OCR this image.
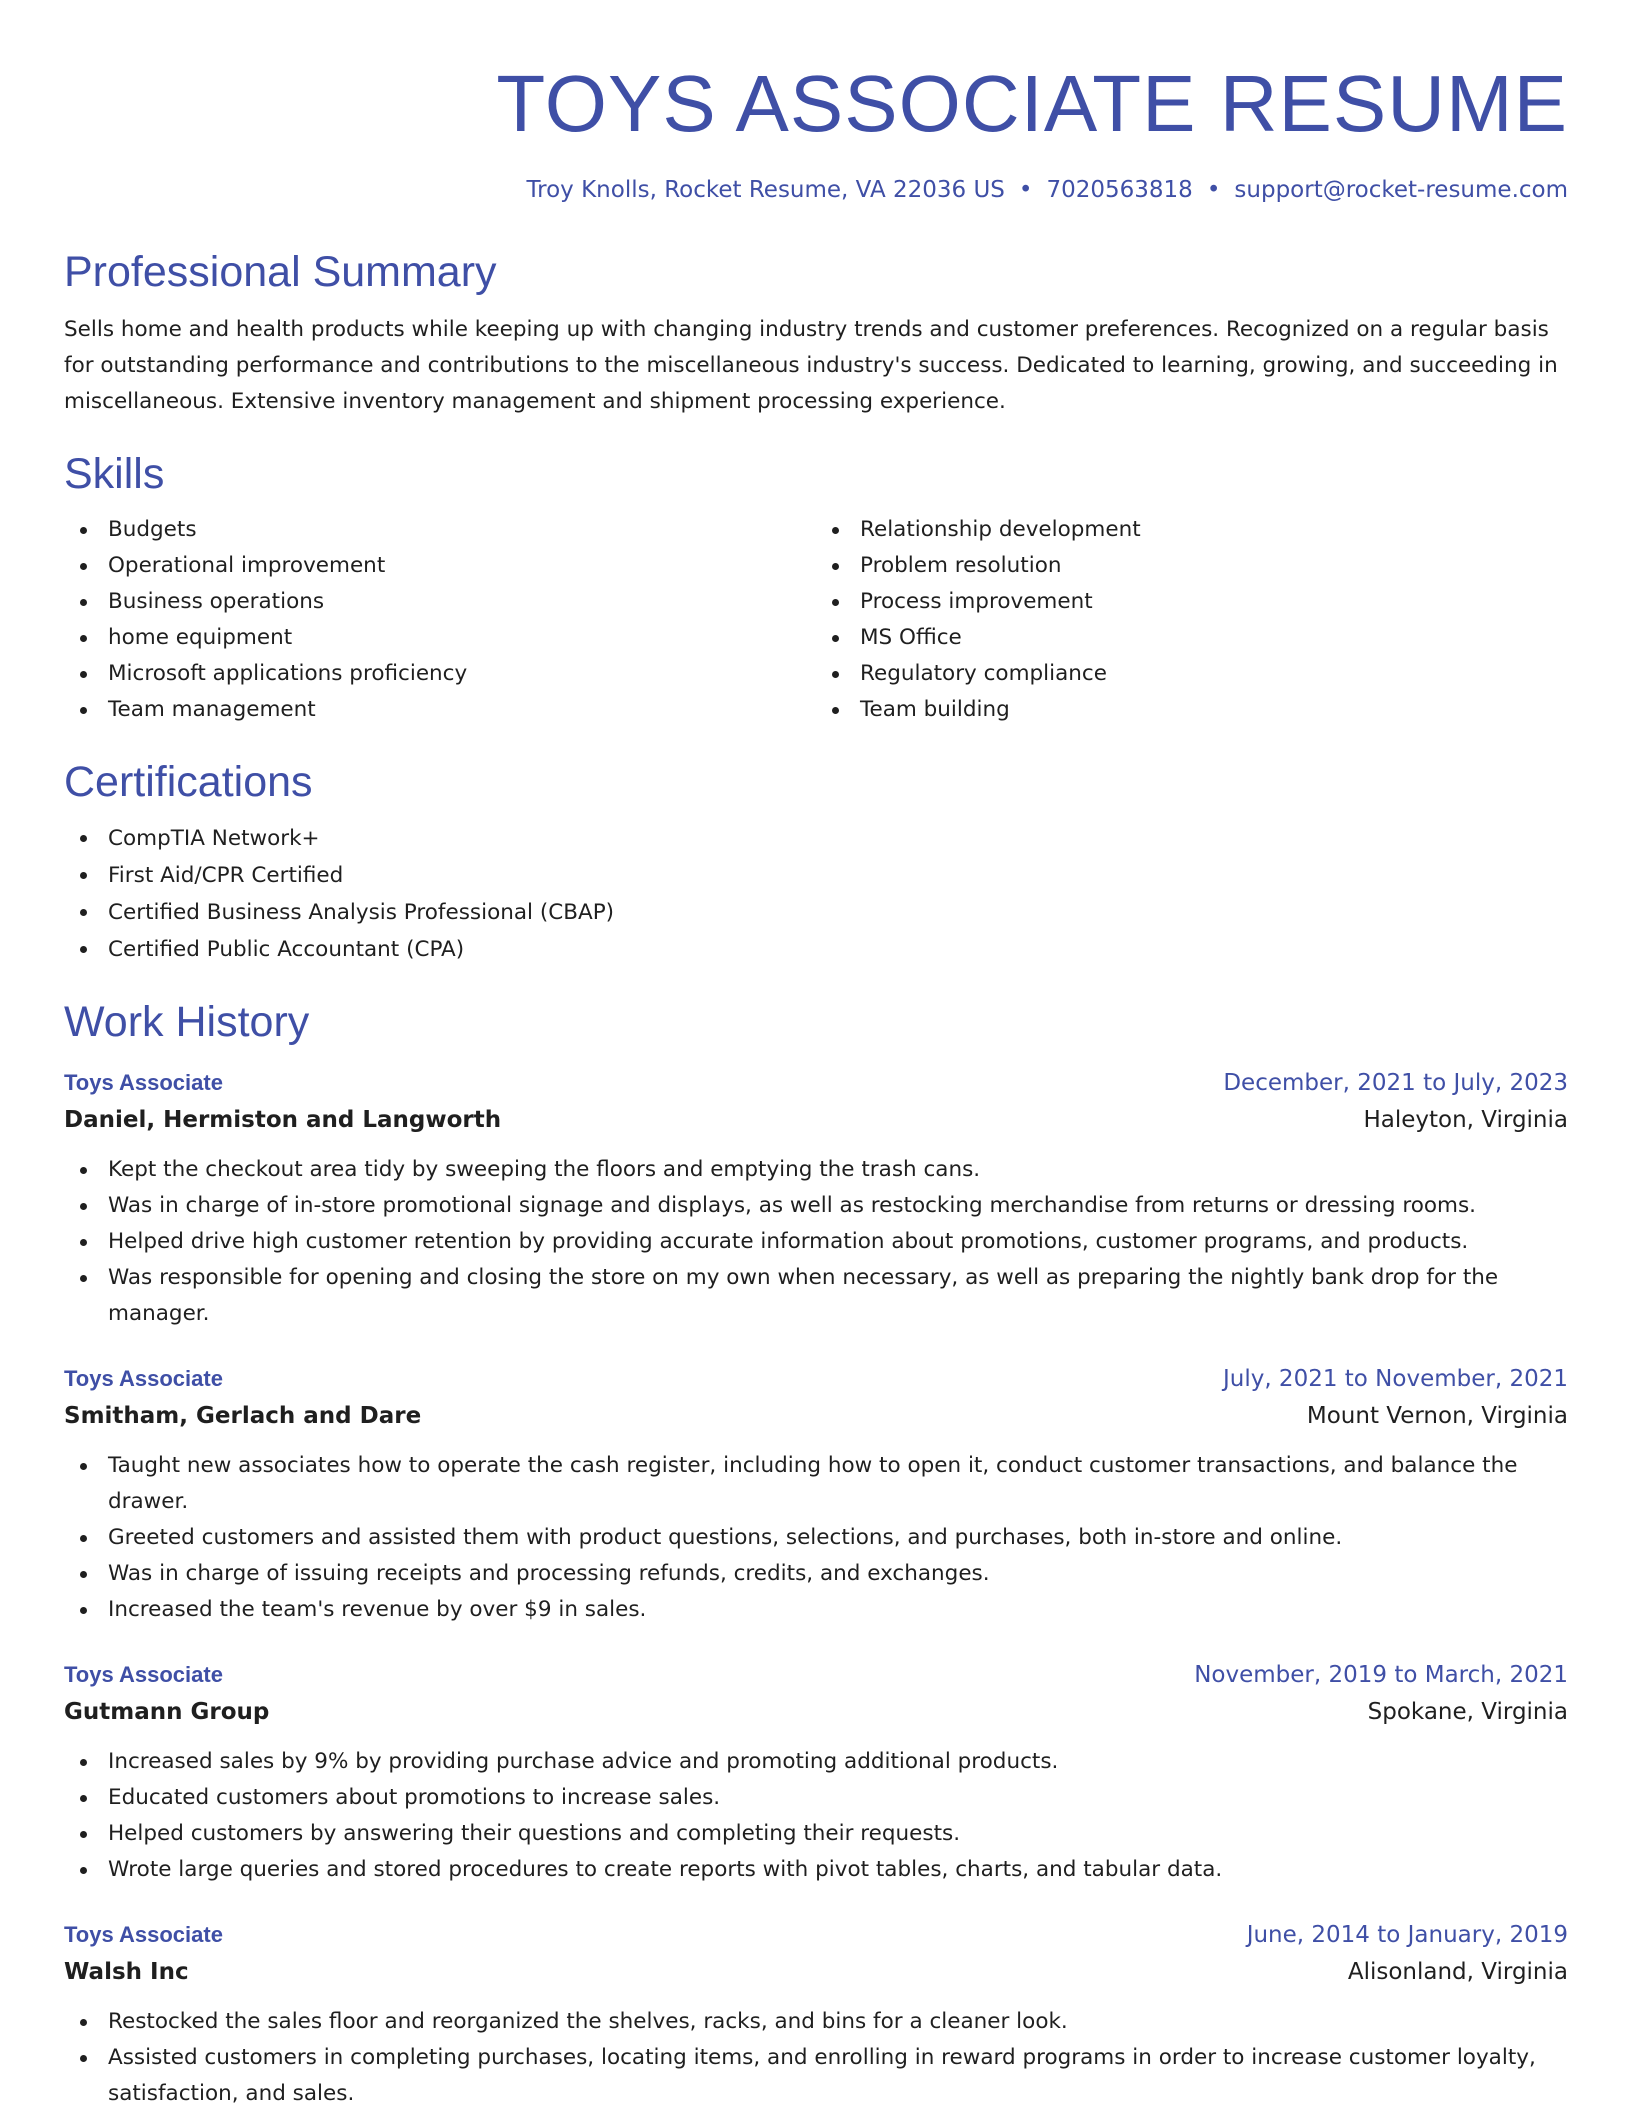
TOYS ASSOCIATE RESUME
Troy Knolls, Rocket Resume, VA 22036 US • 7020563818 • support@rocket-resume.com
Professional Summary

Sells home and health products while keeping up with changing industry trends and customer preferences. Recognized on a regular basis for outstanding performance and contributions to the miscellaneous industry's success. Dedicated to learning, growing, and succeeding in miscellaneous. Extensive inventory management and shipment processing experience.

Skills
Budgets
Operational improvement
Business operations
home equipment
Microsoft applications proficiency
Team management
Relationship development
Problem resolution
Process improvement
MS Office
Regulatory compliance
Team building
Certifications
CompTIA Network+
First Aid/CPR Certified
Certified Business Analysis Professional (CBAP)
Certified Public Accountant (CPA)
Work History
Toys Associate	December, 2021 to July, 2023
Daniel, Hermiston and Langworth	Haleyton, Virginia
Kept the checkout area tidy by sweeping the floors and emptying the trash cans.
Was in charge of in-store promotional signage and displays, as well as restocking merchandise from returns or dressing rooms.
Helped drive high customer retention by providing accurate information about promotions, customer programs, and products.
Was responsible for opening and closing the store on my own when necessary, as well as preparing the nightly bank drop for the manager.
Toys Associate	July, 2021 to November, 2021
Smitham, Gerlach and Dare	Mount Vernon, Virginia
Taught new associates how to operate the cash register, including how to open it, conduct customer transactions, and balance the drawer.
Greeted customers and assisted them with product questions, selections, and purchases, both in-store and online.
Was in charge of issuing receipts and processing refunds, credits, and exchanges.
Increased the team's revenue by over $9 in sales.
Toys Associate	November, 2019 to March, 2021
Gutmann Group	Spokane, Virginia
Increased sales by 9% by providing purchase advice and promoting additional products.
Educated customers about promotions to increase sales.
Helped customers by answering their questions and completing their requests.
Wrote large queries and stored procedures to create reports with pivot tables, charts, and tabular data.
Toys Associate	June, 2014 to January, 2019
Walsh Inc	Alisonland, Virginia
Restocked the sales floor and reorganized the shelves, racks, and bins for a cleaner look.
Assisted customers in completing purchases, locating items, and enrolling in reward programs in order to increase customer loyalty, satisfaction, and sales.
